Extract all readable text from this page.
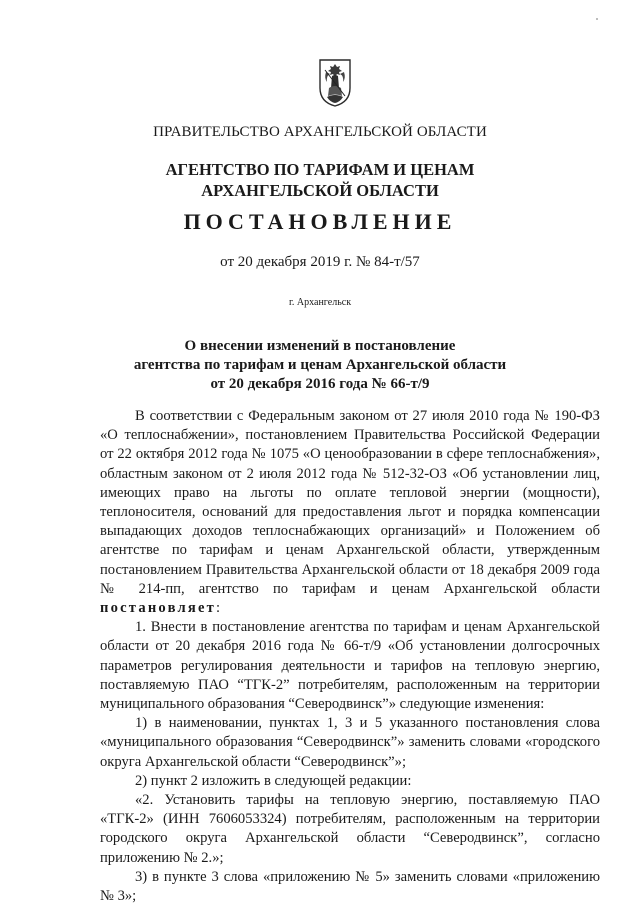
ПРАВИТЕЛЬСТВО АРХАНГЕЛЬСКОЙ ОБЛАСТИ
АГЕНТСТВО ПО ТАРИФАМ И ЦЕНАМ
АРХАНГЕЛЬСКОЙ ОБЛАСТИ
ПОСТАНОВЛЕНИЕ
от 20 декабря 2019 г. № 84-т/57
г. Архангельск
О внесении изменений в постановление
агентства по тарифам и ценам Архангельской области
от 20 декабря 2016 года № 66-т/9

В соответствии с Федеральным законом от 27 июля 2010 года № 190-ФЗ «О теплоснабжении», постановлением Правительства Российской Федерации от 22 октября 2012 года № 1075 «О ценообразовании в сфере теплоснабжения», областным законом от 2 июля 2012 года № 512-32-ОЗ «Об установлении лиц, имеющих право на льготы по оплате тепловой энергии (мощности), теплоносителя, оснований для предоставления льгот и порядка компенсации выпадающих доходов теплоснабжающих организаций» и Положением об агентстве по тарифам и ценам Архангельской области, утвержденным постановлением Правительства Архангельской области от 18 декабря 2009 года № 214-пп, агентство по тарифам и ценам Архангельской области постановляет:

1. Внести в постановление агентства по тарифам и ценам Архангельской области от 20 декабря 2016 года № 66-т/9 «Об установлении долгосрочных параметров регулирования деятельности и тарифов на тепловую энергию, поставляемую ПАО “ТГК-2” потребителям, расположенным на территории муниципального образования “Северодвинск”» следующие изменения:

1) в наименовании, пунктах 1, 3 и 5 указанного постановления слова «муниципального образования “Северодвинск”» заменить словами «городского округа Архангельской области “Северодвинск”»;

2) пункт 2 изложить в следующей редакции:

«2. Установить тарифы на тепловую энергию, поставляемую ПАО «ТГК-2» (ИНН 7606053324) потребителям, расположенным на территории городского округа Архангельской области “Северодвинск”, согласно приложению № 2.»;

3) в пункте 3 слова «приложению № 5» заменить словами «приложению № 3»;
